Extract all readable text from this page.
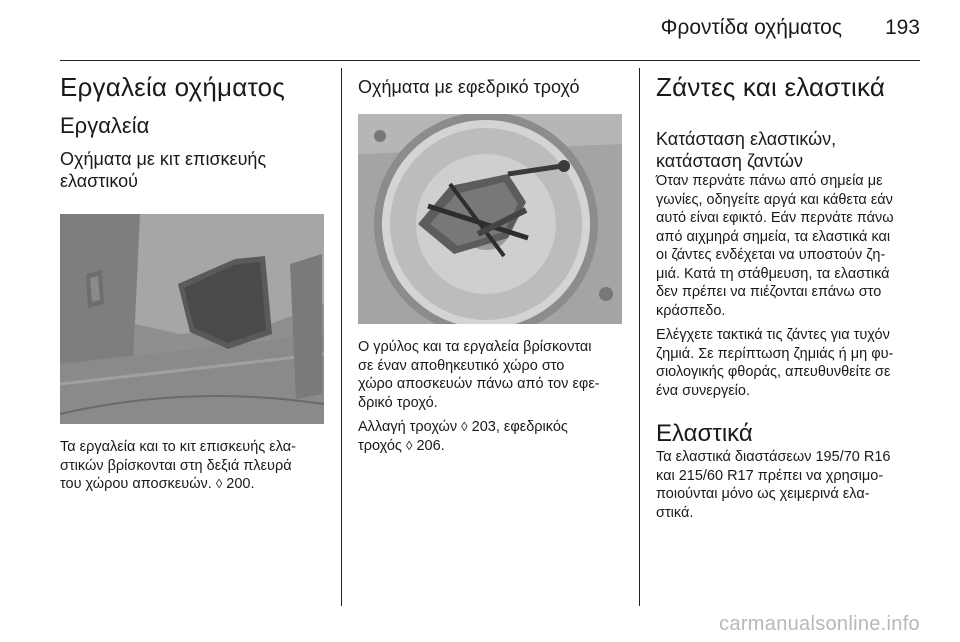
Φροντίδα οχήματος 193
Εργαλεία οχήματος
Εργαλεία
Οχήματα με κιτ επισκευής
ελαστικού

Τα εργαλεία και το κιτ επισκευής ελα-
στικών βρίσκονται στη δεξιά πλευρά
του χώρου αποσκευών. ◊ 200.

Οχήματα με εφεδρικό τροχό

Ο γρύλος και τα εργαλεία βρίσκονται
σε έναν αποθηκευτικό χώρο στο
χώρο αποσκευών πάνω από τον εφε-
δρικό τροχό.

Αλλαγή τροχών ◊ 203, εφεδρικός
τροχός ◊ 206.

Ζάντες και ελαστικά
Κατάσταση ελαστικών,
κατάσταση ζαντών

Όταν περνάτε πάνω από σημεία με
γωνίες, οδηγείτε αργά και κάθετα εάν
αυτό είναι εφικτό. Εάν περνάτε πάνω
από αιχμηρά σημεία, τα ελαστικά και
οι ζάντες ενδέχεται να υποστούν ζη-
μιά. Κατά τη στάθμευση, τα ελαστικά
δεν πρέπει να πιέζονται επάνω στο
κράσπεδο.

Ελέγχετε τακτικά τις ζάντες για τυχόν
ζημιά. Σε περίπτωση ζημιάς ή μη φυ-
σιολογικής φθοράς, απευθυνθείτε σε
ένα συνεργείο.

Ελαστικά

Τα ελαστικά διαστάσεων 195/70 R16
και 215/60 R17 πρέπει να χρησιμο-
ποιούνται μόνο ως χειμερινά ελα-
στικά.

carmanualsonline.info
